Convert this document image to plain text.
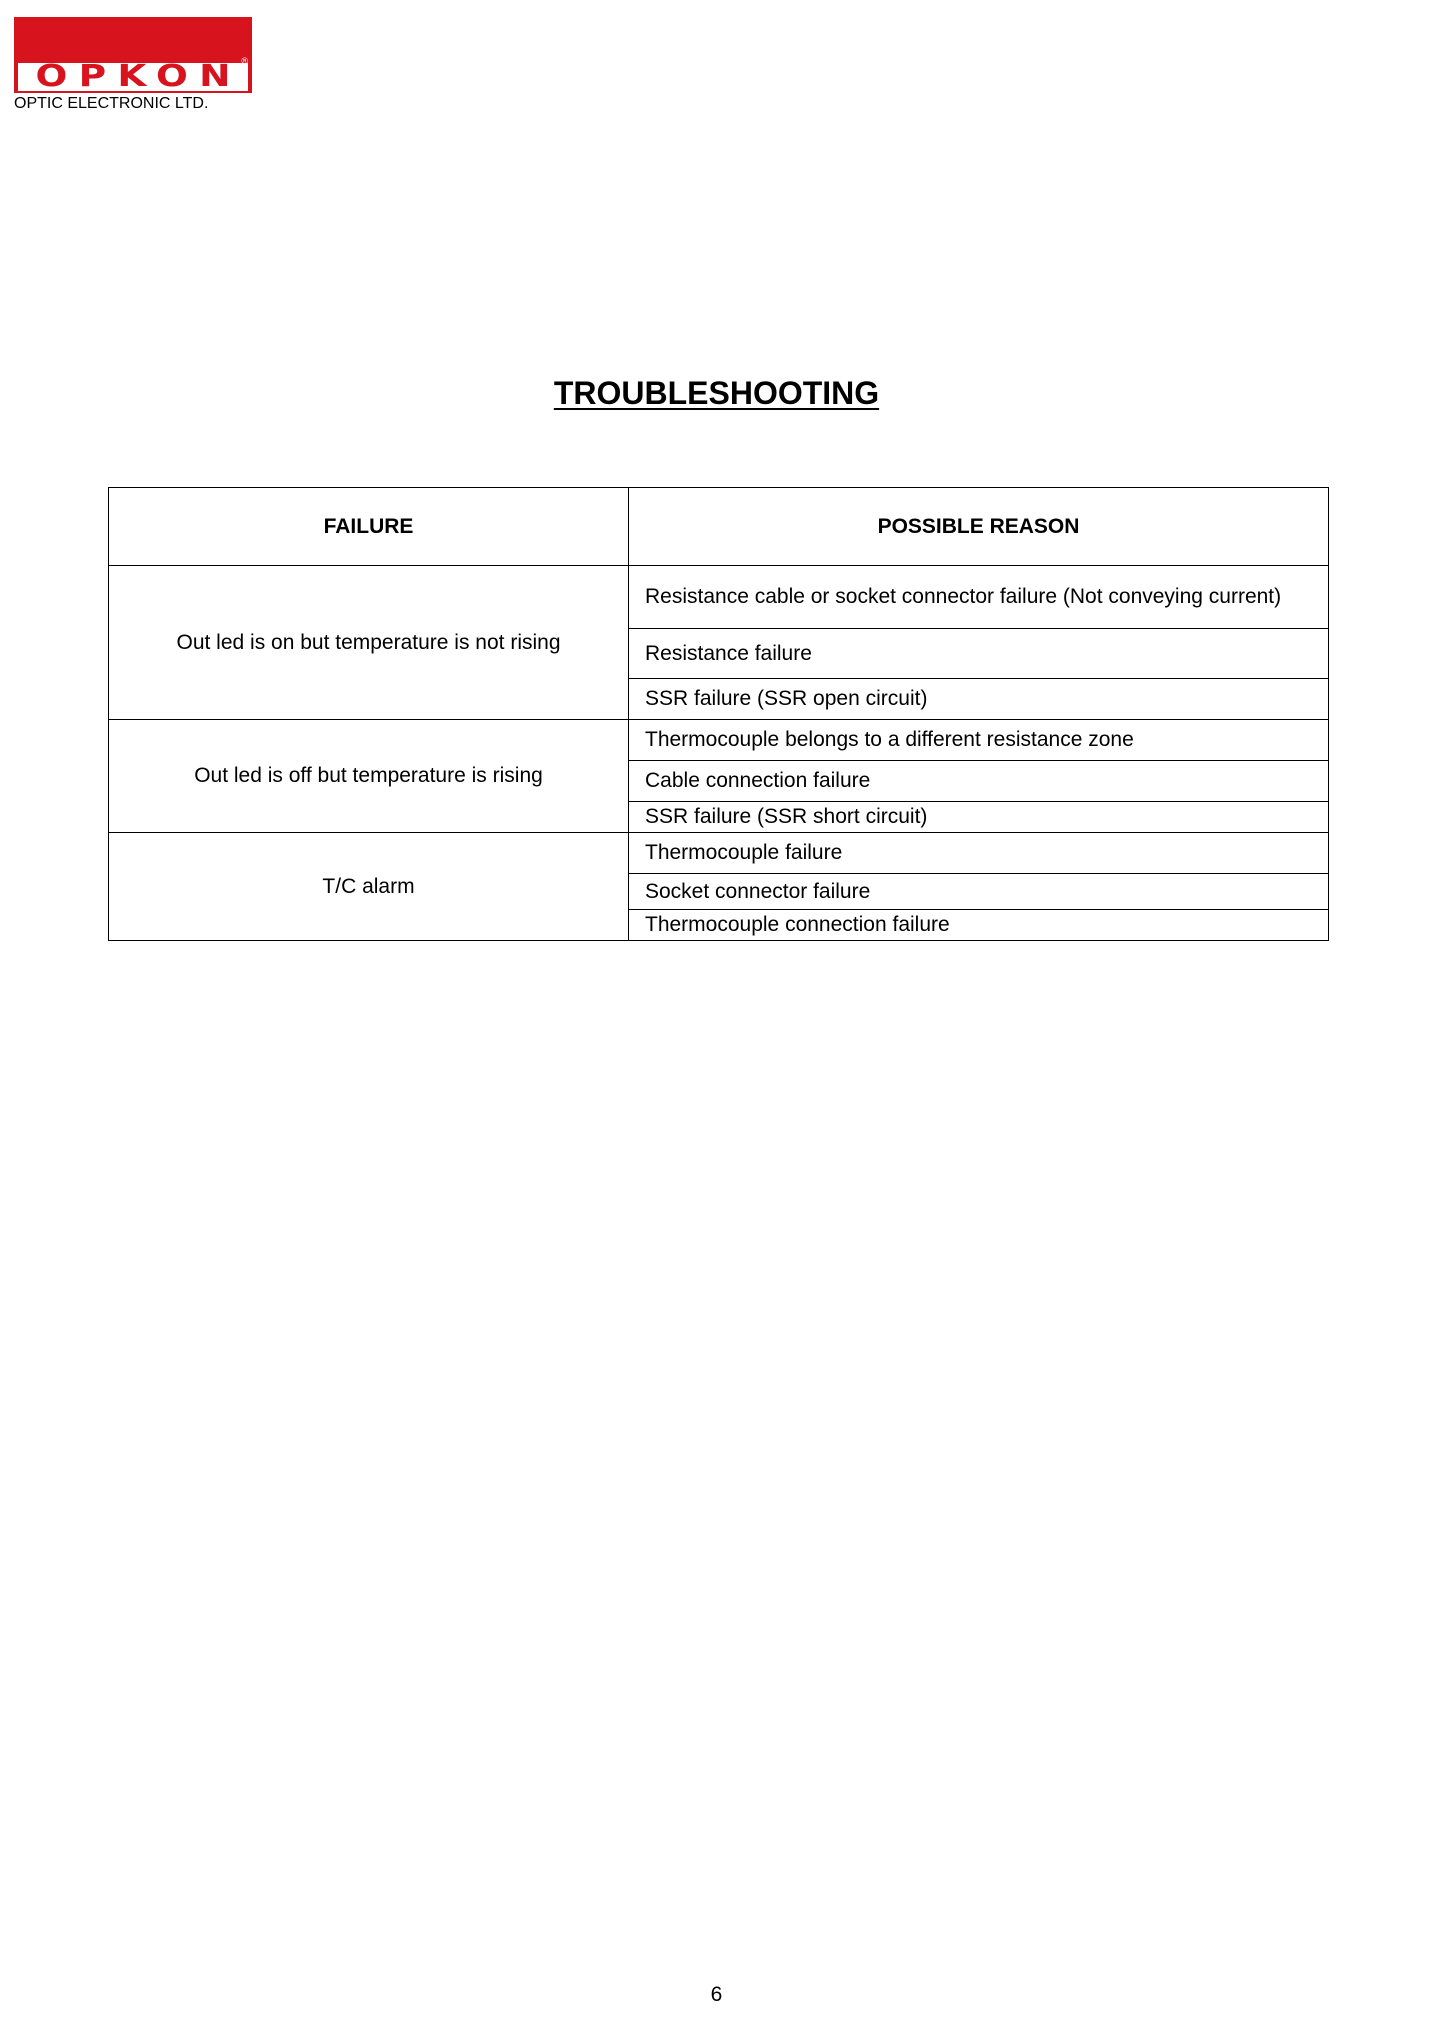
OPKON ®
OPTIC ELECTRONIC LTD.
TROUBLESHOOTING
FAILURE	POSSIBLE REASON
Out led is on but temperature is not rising	Resistance cable or socket connector failure (Not conveying current)
	Resistance failure
	SSR failure (SSR open circuit)
Out led is off but temperature is rising	Thermocouple belongs to a different resistance zone
	Cable connection failure
	SSR failure (SSR short circuit)
T/C alarm	Thermocouple failure
	Socket connector failure
	Thermocouple connection failure
6
